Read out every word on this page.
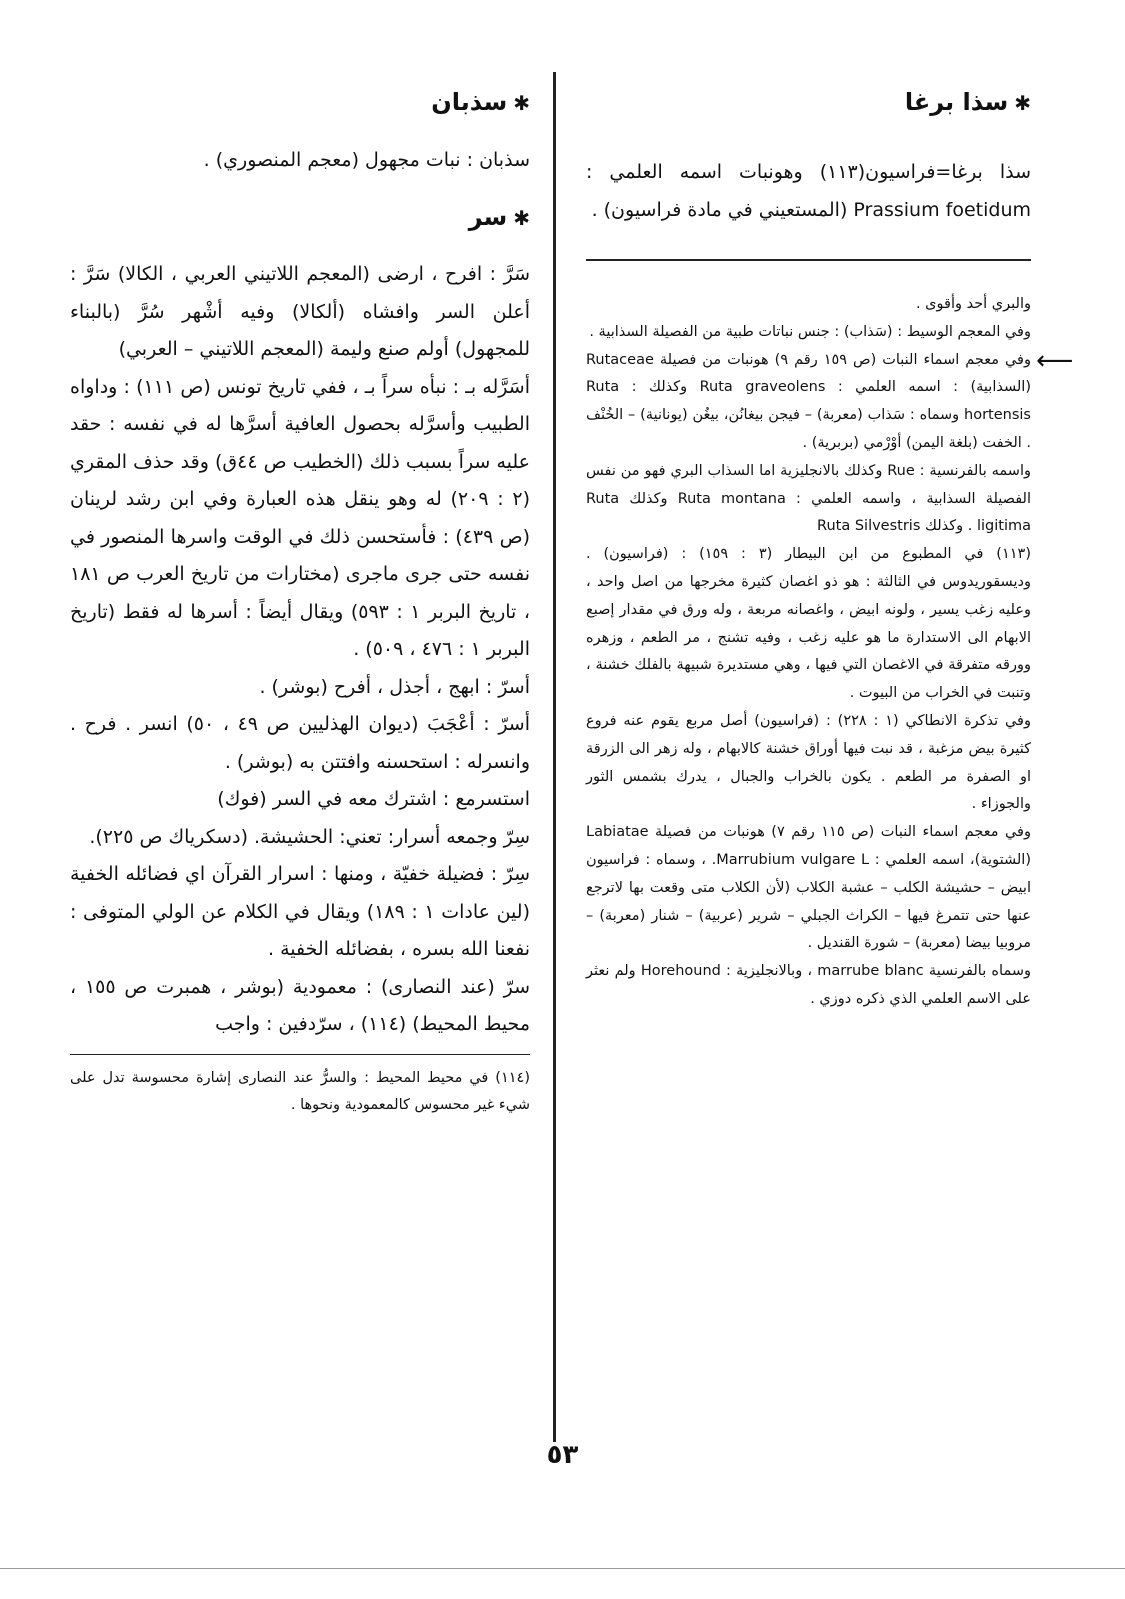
✱سذا برغا

سذا برغا=فراسيون(١١٣) وهونبات اسمه العلمي : Prassium foetidum (المستعيني في مادة فراسيون) .

والبري أحد وأقوى .

وفي المعجم الوسيط : (سَذاب) : جنس نباتات طبية من الفصيلة السذابية .

وفي معجم اسماء النبات (ص ١٥٩ رقم ٩) هونبات من فصيلة Rutaceae (السذابية) : اسمه العلمي : Ruta graveolens وكذلك : Ruta hortensis وسماه : سَذاب (معربة) – فيجن بيغانُن، بيغُن (يونانية) – الخُنْف . الخفت (بلغة اليمن) أوْرْمي (بربرية) .

واسمه بالفرنسية : Rue وكذلك بالانجليزية اما السذاب البري فهو من نفس الفصيلة السذابية ، واسمه العلمي : Ruta montana وكذلك Ruta ligitima . وكذلك Ruta Silvestris

(١١٣) في المطبوع من ابن البيطار (٣ : ١٥٩) : (فراسيون) . وديسقوريدوس في الثالثة : هو ذو اغصان كثيرة مخرجها من اصل واحد ، وعليه زغب يسير ، ولونه ابيض ، واغصانه مربعة ، وله ورق في مقدار إصبع الابهام الى الاستدارة ما هو عليه زغب ، وفيه تشنج ، مر الطعم ، وزهره وورقه متفرقة في الاغصان التي فيها ، وهي مستديرة شبيهة بالفلك خشنة ، وتنبت في الخراب من البيوت .

وفي تذكرة الانطاكي (١ : ٢٢٨) : (فراسيون) أصل مربع يقوم عنه فروع كثيرة بيض مزغبة ، قد نبت فيها أوراق خشنة كالابهام ، وله زهر الى الزرقة او الصفرة مر الطعم . يكون بالخراب والجبال ، يدرك بشمس الثور والجوزاء .

وفي معجم اسماء النبات (ص ١١٥ رقم ٧) هونبات من فصيلة Labiatae (الشتوية)، اسمه العلمي : Marrubium vulgare L. ، وسماه : فراسيون ابيض – حشيشة الكلب – عشبة الكلاب (لأن الكلاب متى وقعت بها لاترجع عنها حتى تتمرغ فيها – الكراث الجبلي – شرير (عربية) – شنار (معربة) – مروبيا بيضا (معربة) – شورة القنديل .

وسماه بالفرنسية marrube blanc ، وبالانجليزية : Horehound ولم نعثر على الاسم العلمي الذي ذكره دوزي .

⟵
✱سذبان

سذبان : نبات مجهول (معجم المنصوري) .

✱سر

سَرَّ : افرح ، ارضى (المعجم اللاتيني العربي ، الكالا) سَرَّ : أعلن السر وافشاه (ألكالا) وفيه أشْهر سُرَّ (بالبناء للمجهول) أولم صنع وليمة (المعجم اللاتيني – العربي)

أسَرَّله بـ : نبأه سراً بـ ، ففي تاريخ تونس (ص ١١١) : وداواه الطبيب وأسرَّله بحصول العافية أسرَّها له في نفسه : حقد عليه سراً بسبب ذلك (الخطيب ص ٤٤ق) وقد حذف المقري (٢ : ٢٠٩) له وهو ينقل هذه العبارة وفي ابن رشد لرينان (ص ٤٣٩) : فأستحسن ذلك في الوقت واسرها المنصور في نفسه حتى جرى ماجرى (مختارات من تاريخ العرب ص ١٨١ ، تاريخ البربر ١ : ٥٩٣) ويقال أيضاً : أسرها له فقط (تاريخ البربر ١ : ٤٧٦ ، ٥٠٩) .

أسرّ : ابهج ، أجذل ، أفرح (بوشر) .

أسرّ : أعْجَبَ (ديوان الهذليين ص ٤٩ ، ٥٠) انسر . فرح . وانسرله : استحسنه وافتتن به (بوشر) .

استسرمع : اشترك معه في السر (فوك)

سِرّ وجمعه أسرار: تعني: الحشيشة. (دسكرياك ص ٢٢٥).

سِرّ : فضيلة خفيّة ، ومنها : اسرار القرآن اي فضائله الخفية (لين عادات ١ : ١٨٩) ويقال في الكلام عن الولي المتوفى : نفعنا الله بسره ، بفضائله الخفية .

سرّ (عند النصارى) : معمودية (بوشر ، همبرت ص ١٥٥ ، محيط المحيط) (١١٤) ، سرّدفين : واجب

(١١٤) في محيط المحيط : والسرُّ عند النصارى إشارة محسوسة تدل على شيء غير محسوس كالمعمودية ونحوها .

٥٣
